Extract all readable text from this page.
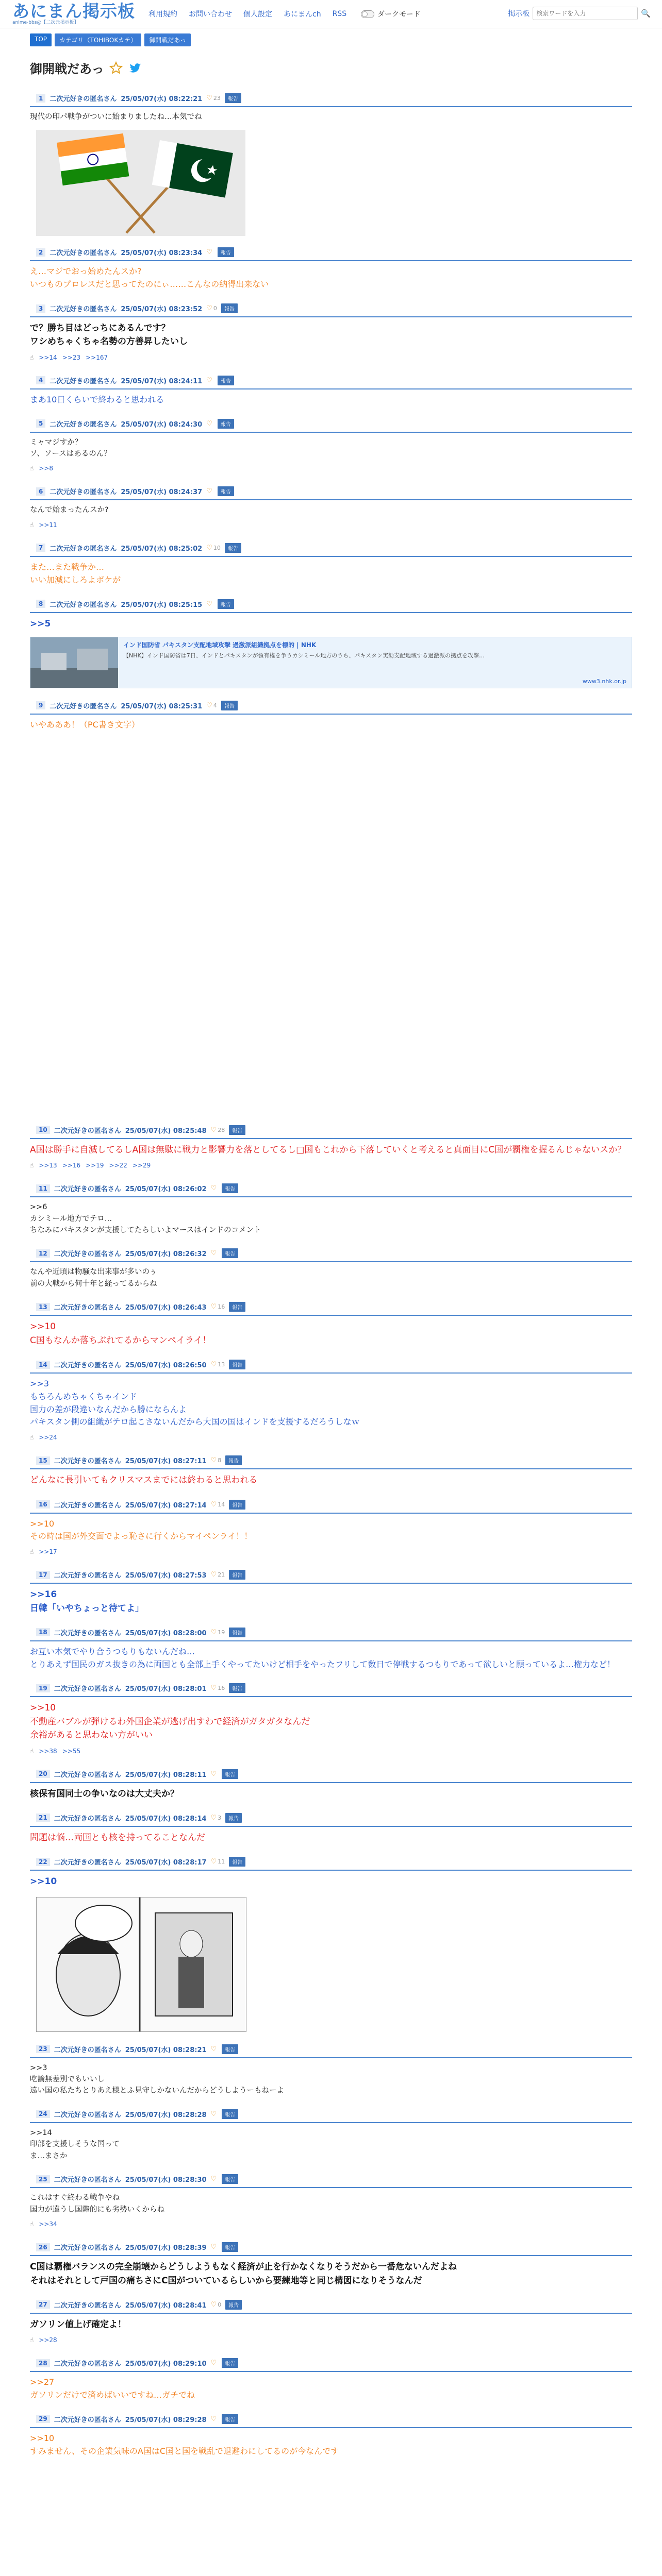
あにまん掲示板
anime-bbs@【二次元掲示板】
利用規約 お問い合わせ 個人設定 あにまんch RSS	ダークモード	掲示板
検索ワードを入力	🔍
TOP	カテゴリ（TOHIBOKカテ）	御開戦だあっ
御開戦だあっ
1	二次元好きの匿名さん 25/05/07(水) 08:22:21 ♡ 23	報告
現代の印パ戦争がついに始まりましたね…本気でね
2	二次元好きの匿名さん 25/05/07(水) 08:23:34 ♡	報告
え…マジでおっ始めたんスか?
いつものプロレスだと思ってたのにぃ……こんなの納得出来ない
3	二次元好きの匿名さん 25/05/07(水) 08:23:52 ♡ 0	報告
で？勝ち目はどっちにあるんです？
ワシめちゃくちゃ名勢の方善昇したいし
☝ >>14 >>23 >>167
4	二次元好きの匿名さん 25/05/07(水) 08:24:11 ♡	報告
まあ10日くらいで終わると思われる
5	二次元好きの匿名さん 25/05/07(水) 08:24:30 ♡	報告
ミャマジすか？
ソ、ソースはあるのん？
☝ >>8
6	二次元好きの匿名さん 25/05/07(水) 08:24:37 ♡	報告
なんで始まったんスか?
☝ >>11
7	二次元好きの匿名さん 25/05/07(水) 08:25:02 ♡ 10	報告
また…また戦争か…
いい加減にしろよボケが
8	二次元好きの匿名さん 25/05/07(水) 08:25:15 ♡	報告
>>5
インド国防省 パキスタン支配地域攻撃 過激派組織拠点を標的 | NHK
【NHK】インド国防省は7日、インドとパキスタンが領有権を争うカシミール地方のうち、パキスタン実効支配地域する過激派の拠点を攻撃…
www3.nhk.or.jp
9	二次元好きの匿名さん 25/05/07(水) 08:25:31 ♡ 4	報告
いやあああ！（PC書き文字）
10	二次元好きの匿名さん 25/05/07(水) 08:25:48 ♡ 28	報告
A国は勝手に自滅してるしA国は無駄に戦力と影響力を落としてるし□国もこれから下落していくと考えると真面目にC国が覇権を握るんじゃないスか？
☝ >>13 >>16 >>19 >>22 >>29
11	二次元好きの匿名さん 25/05/07(水) 08:26:02 ♡	報告
>>6
カシミール地方でテロ…
ちなみにパキスタンが支援してたらしいよマースはインドのコメント
12	二次元好きの匿名さん 25/05/07(水) 08:26:32 ♡	報告
なんや近頃は物騒な出来事が多いのぅ
前の大戦から何十年と経ってるからね
13	二次元好きの匿名さん 25/05/07(水) 08:26:43 ♡ 16	報告
>>10
C国もなんか落ちぶれてるからマンペイライ！
14	二次元好きの匿名さん 25/05/07(水) 08:26:50 ♡ 13	報告
>>3
もちろんめちゃくちゃインド
国力の差が段違いなんだから勝にならんよ
パキスタン側の組織がテロ起こさないんだから大国の国はインドを支援するだろうしなｗ
☝ >>24
15	二次元好きの匿名さん 25/05/07(水) 08:27:11 ♡ 8	報告
どんなに長引いてもクリスマスまでには終わると思われる
16	二次元好きの匿名さん 25/05/07(水) 08:27:14 ♡ 14	報告
>>10
その時は国が外交面でよっ恥さに行くからマイペンライ！！
☝ >>17
17	二次元好きの匿名さん 25/05/07(水) 08:27:53 ♡ 21	報告
>>16
日韓「いやちょっと待てよ」
18	二次元好きの匿名さん 25/05/07(水) 08:28:00 ♡ 19	報告
お互い本気でやり合うつもりもないんだね…
とりあえず国民のガス抜きの為に両国とも全部上手くやってたいけど相手をやったフリして数日で停戦するつもりであって欲しいと願っているよ…権力など！
19	二次元好きの匿名さん 25/05/07(水) 08:28:01 ♡ 16	報告
>>10
不動産バブルが弾けるわ外国企業が逃げ出すわで経済がガタガタなんだ
余裕があると思わない方がいい
☝ >>38 >>55
20	二次元好きの匿名さん 25/05/07(水) 08:28:11 ♡	報告
核保有国同士の争いなのは大丈夫か？
21	二次元好きの匿名さん 25/05/07(水) 08:28:14 ♡ 3	報告
問題は悩…両国とも核を持ってることなんだ
22	二次元好きの匿名さん 25/05/07(水) 08:28:17 ♡ 11	報告
>>10
23	二次元好きの匿名さん 25/05/07(水) 08:28:21 ♡	報告
>>3
吃論無差別でもいいし
遠い国の私たちとりあえ様とふ見守しかないんだからどうしようーもねーよ
24	二次元好きの匿名さん 25/05/07(水) 08:28:28 ♡	報告
>>14
印部を支援しそうな国って
ま…まさか
25	二次元好きの匿名さん 25/05/07(水) 08:28:30 ♡	報告
これはすぐ終わる戦争やね
国力が違うし国際的にも劣勢いくからね
☝ >>34
26	二次元好きの匿名さん 25/05/07(水) 08:28:39 ♡	報告
C国は覇権バランスの完全崩壊からどうしようもなく経済が止を行かなくなりそうだから一番危ないんだよね
それはそれとして戸国の痛ちさにC国がついているらしいから要練地等と同じ構図になりそうなんだ
27	二次元好きの匿名さん 25/05/07(水) 08:28:41 ♡ 0	報告
ガソリン値上げ確定よ！
☝ >>28
28	二次元好きの匿名さん 25/05/07(水) 08:29:10 ♡	報告
>>27
ガソリンだけで済めばいいですね…ガチでね
29	二次元好きの匿名さん 25/05/07(水) 08:29:28 ♡	報告
>>10
すみません、その企業気味のA国はC国と国を戦乱で退避わにしてるのが今なんです
